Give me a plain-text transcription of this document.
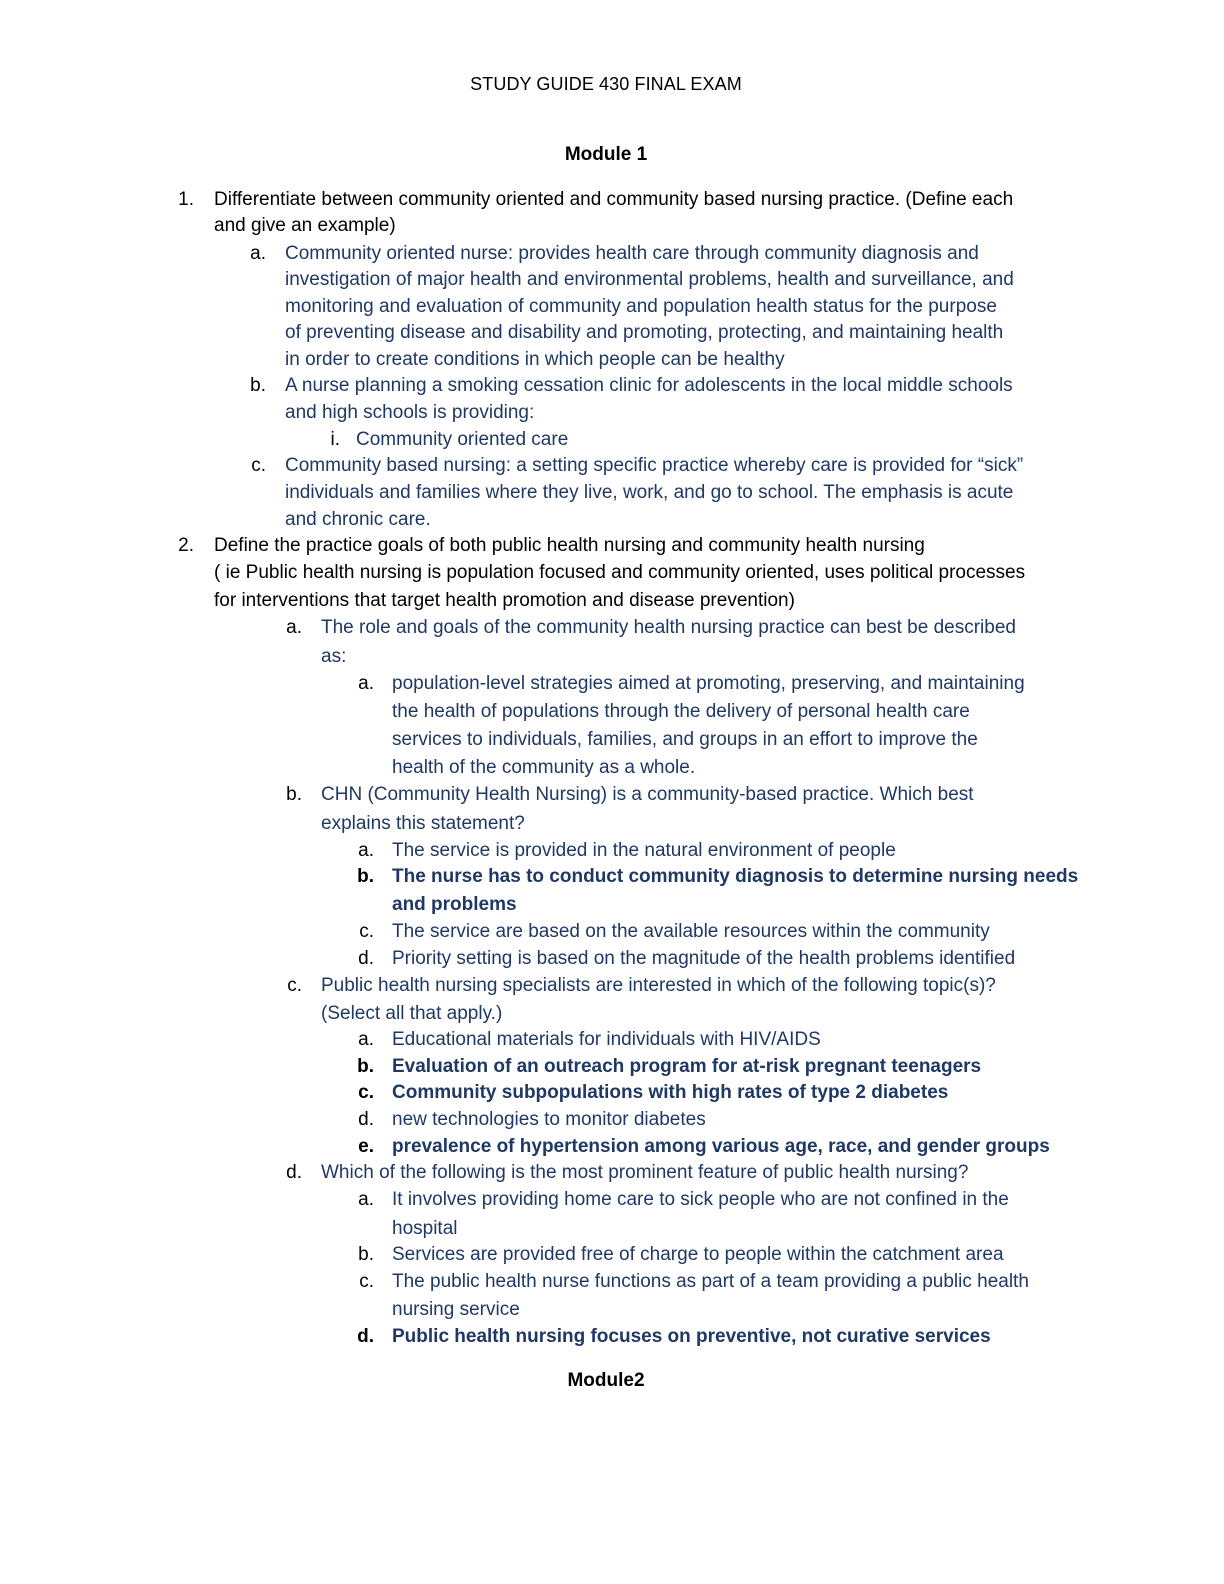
STUDY GUIDE 430 FINAL EXAM
Module 1
1. Differentiate between community oriented and community based nursing practice. (Define each
and give an example)
a. Community oriented nurse: provides health care through community diagnosis and
investigation of major health and environmental problems, health and surveillance, and
monitoring and evaluation of community and population health status for the purpose
of preventing disease and disability and promoting, protecting, and maintaining health
in order to create conditions in which people can be healthy
b. A nurse planning a smoking cessation clinic for adolescents in the local middle schools
and high schools is providing:
i. Community oriented care
c. Community based nursing: a setting specific practice whereby care is provided for “sick”
individuals and families where they live, work, and go to school. The emphasis is acute
and chronic care.
2. Define the practice goals of both public health nursing and community health nursing
( ie Public health nursing is population focused and community oriented, uses political processes
for interventions that target health promotion and disease prevention)
a. The role and goals of the community health nursing practice can best be described
as:
a. population-level strategies aimed at promoting, preserving, and maintaining
the health of populations through the delivery of personal health care
services to individuals, families, and groups in an effort to improve the
health of the community as a whole.
b. CHN (Community Health Nursing) is a community-based practice. Which best
explains this statement?
a. The service is provided in the natural environment of people
b. The nurse has to conduct community diagnosis to determine nursing needs
and problems
c. The service are based on the available resources within the community
d. Priority setting is based on the magnitude of the health problems identified
c. Public health nursing specialists are interested in which of the following topic(s)?
(Select all that apply.)
a. Educational materials for individuals with HIV/AIDS
b. Evaluation of an outreach program for at-risk pregnant teenagers
c. Community subpopulations with high rates of type 2 diabetes
d. new technologies to monitor diabetes
e. prevalence of hypertension among various age, race, and gender groups
d. Which of the following is the most prominent feature of public health nursing?
a. It involves providing home care to sick people who are not confined in the
hospital
b. Services are provided free of charge to people within the catchment area
c. The public health nurse functions as part of a team providing a public health
nursing service
d. Public health nursing focuses on preventive, not curative services
Module2
